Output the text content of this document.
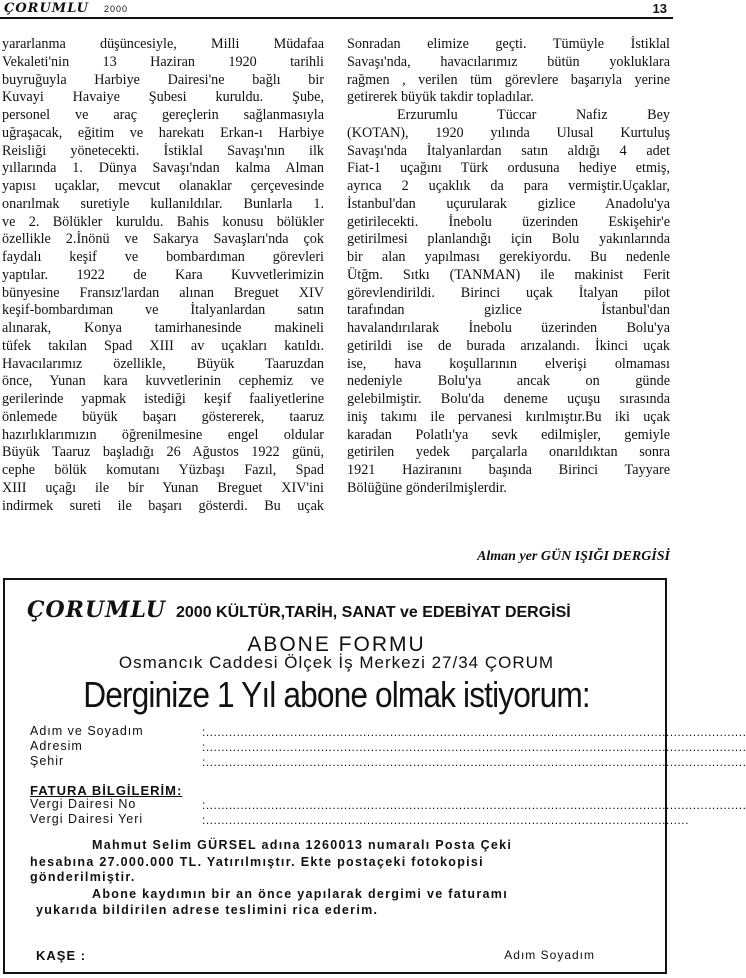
ÇORUMLU 2000	13

yararlanma düşüncesiyle, Milli Müdafaa
Vekaleti'nin 13 Haziran 1920 tarihli
buyruğuyla Harbiye Dairesi'ne bağlı bir
Kuvayi Havaiye Şubesi kuruldu. Şube,
personel ve araç gereçlerin sağlanmasıyla
uğraşacak, eğitim ve harekatı Erkan-ı Harbiye
Reisliği yönetecekti. İstiklal Savaşı'nın ilk
yıllarında 1. Dünya Savaşı'ndan kalma Alman
yapısı uçaklar, mevcut olanaklar çerçevesinde
onarılmak suretiyle kullanıldılar. Bunlarla 1.
ve 2. Bölükler kuruldu. Bahis konusu bölükler
özellikle 2.İnönü ve Sakarya Savaşları'nda çok
faydalı keşif ve bombardıman görevleri
yaptılar. 1922 de Kara Kuvvetlerimizin
bünyesine Fransız'lardan alınan Breguet XIV
keşif-bombardıman ve İtalyanlardan satın
alınarak, Konya tamirhanesinde makineli
tüfek takılan Spad XIII av uçakları katıldı.
Havacılarımız özellikle, Büyük Taaruzdan
önce, Yunan kara kuvvetlerinin cephemiz ve
gerilerinde yapmak istediği keşif faaliyetlerine
önlemede büyük başarı göstererek, taaruz
hazırlıklarımızın öğrenilmesine engel oldular
Büyük Taaruz başladığı 26 Ağustos 1922 günü,
cephe bölük komutanı Yüzbaşı Fazıl, Spad
XIII uçağı ile bir Yunan Breguet XIV'ini
indirmek sureti ile başarı gösterdi. Bu uçak

Sonradan elimize geçti. Tümüyle İstiklal
Savaşı'nda, havacılarımız bütün yokluklara
rağmen , verilen tüm görevlere başarıyla yerine
getirerek büyük takdir topladılar.

Erzurumlu Tüccar Nafiz Bey
(KOTAN), 1920 yılında Ulusal Kurtuluş
Savaşı'nda İtalyanlardan satın aldığı 4 adet
Fiat-1 uçağını Türk ordusuna hediye etmiş,
ayrıca 2 uçaklık da para vermiştir.Uçaklar,
İstanbul'dan uçurularak gizlice Anadolu'ya
getirilecekti. İnebolu üzerinden Eskişehir'e
getirilmesi planlandığı için Bolu yakınlarında
bir alan yapılması gerekiyordu. Bu nedenle
Ütğm. Sıtkı (TANMAN) ile makinist Ferit
görevlendirildi. Birinci uçak İtalyan pilot
tarafından gizlice İstanbul'dan
havalandırılarak İnebolu üzerinden Bolu'ya
getirildi ise de burada arızalandı. İkinci uçak
ise, hava koşullarının elverişi olmaması
nedeniyle Bolu'ya ancak on günde
gelebilmiştir. Bolu'da deneme uçuşu sırasında
iniş takımı ile pervanesi kırılmıştır.Bu iki uçak
karadan Polatlı'ya sevk edilmişler, gemiyle
getirilen yedek parçalarla onarıldıktan sonra
1921 Haziranını başında Birinci Tayyare
Bölüğüne gönderilmişlerdir.

Alman yer GÜN IŞIĞI DERGİSİ
ÇORUMLU 2000 KÜLTÜR,TARİH, SANAT ve EDEBİYAT DERGİSİ
ABONE FORMU
Osmancık Caddesi Ölçek İş Merkezi 27/34 ÇORUM
Derginize 1 Yıl abone olmak istiyorum:
Adım ve Soyadım	:.............................................................................................................................................
Adresim	:.............................................................................................................................................
Şehir	:.............................................................................................................................................
FATURA BİLGİLERİM:
Vergi Dairesi No	:.............................................................................................................................................
Vergi Dairesi Yeri	:..............................................................................................................................
Mahmut Selim GÜRSEL adına 1260013 numaralı Posta Çeki
hesabına 27.000.000 TL. Yatırılmıştır. Ekte postaçeki fotokopisi
gönderilmiştir.
Abone kaydımın bir an önce yapılarak dergimi ve faturamı
yukarıda bildirilen adrese teslimini rica ederim.
KAŞE :	Adım Soyadım
